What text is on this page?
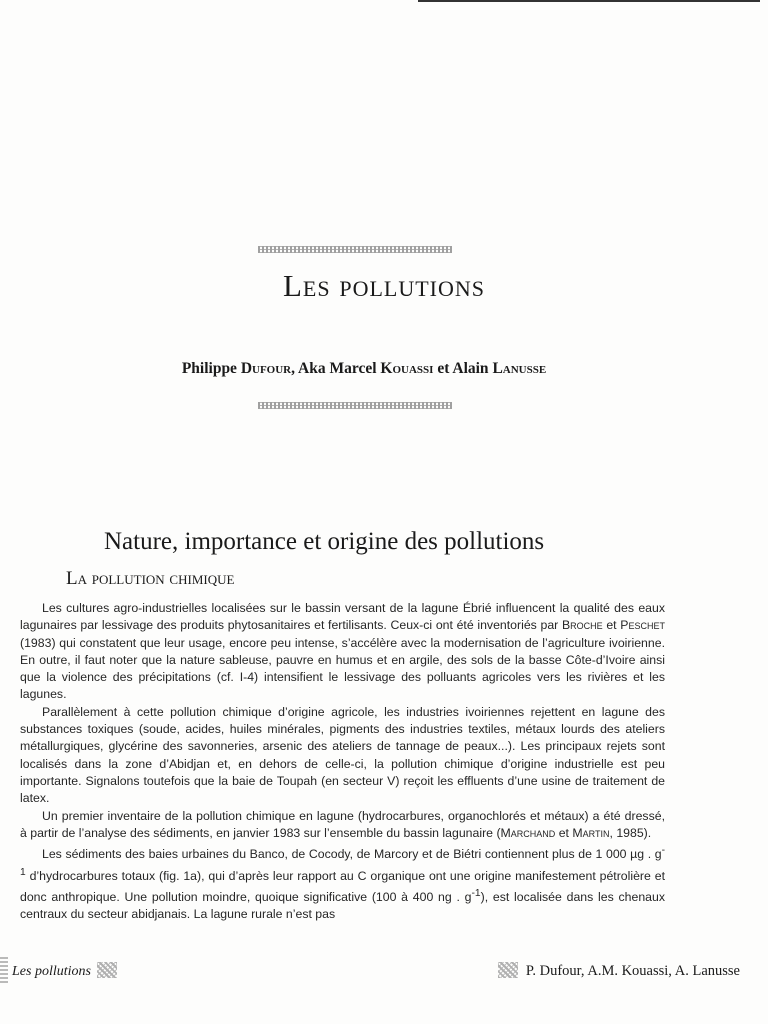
Les pollutions
Philippe Dufour, Aka Marcel Kouassi et Alain Lanusse
Nature, importance et origine des pollutions
La pollution chimique

Les cultures agro-industrielles localisées sur le bassin versant de la lagune Ébrié influencent la qualité des eaux lagunaires par lessivage des produits phytosanitaires et fertilisants. Ceux-ci ont été inventoriés par Broche et Peschet (1983) qui constatent que leur usage, encore peu intense, s’accélère avec la modernisation de l’agriculture ivoirienne. En outre, il faut noter que la nature sableuse, pauvre en humus et en argile, des sols de la basse Côte-d’Ivoire ainsi que la violence des précipitations (cf. I-4) intensifient le lessivage des polluants agricoles vers les rivières et les lagunes.

Parallèlement à cette pollution chimique d’origine agricole, les industries ivoiriennes rejettent en lagune des substances toxiques (soude, acides, huiles minérales, pigments des industries textiles, métaux lourds des ateliers métallurgiques, glycérine des savonneries, arsenic des ateliers de tannage de peaux...). Les principaux rejets sont localisés dans la zone d’Abidjan et, en dehors de celle-ci, la pollution chimique d’origine industrielle est peu importante. Signalons toutefois que la baie de Toupah (en secteur V) reçoit les effluents d’une usine de traitement de latex.

Un premier inventaire de la pollution chimique en lagune (hydrocarbures, organochlorés et métaux) a été dressé, à partir de l’analyse des sédiments, en janvier 1983 sur l’ensemble du bassin lagunaire (Marchand et Martin, 1985).

Les sédiments des baies urbaines du Banco, de Cocody, de Marcory et de Biétri contiennent plus de 1 000 µg . $g^{-1}$ d’hydrocarbures totaux (fig. 1a), qui d’après leur rapport au C organique ont une origine manifestement pétrolière et donc anthropique. Une pollution moindre, quoique significative (100 à 400 ng . $g^{-1}$), est localisée dans les chenaux centraux du secteur abidjanais. La lagune rurale n’est pas

Les pollutions	P. Dufour, A.M. Kouassi, A. Lanusse
